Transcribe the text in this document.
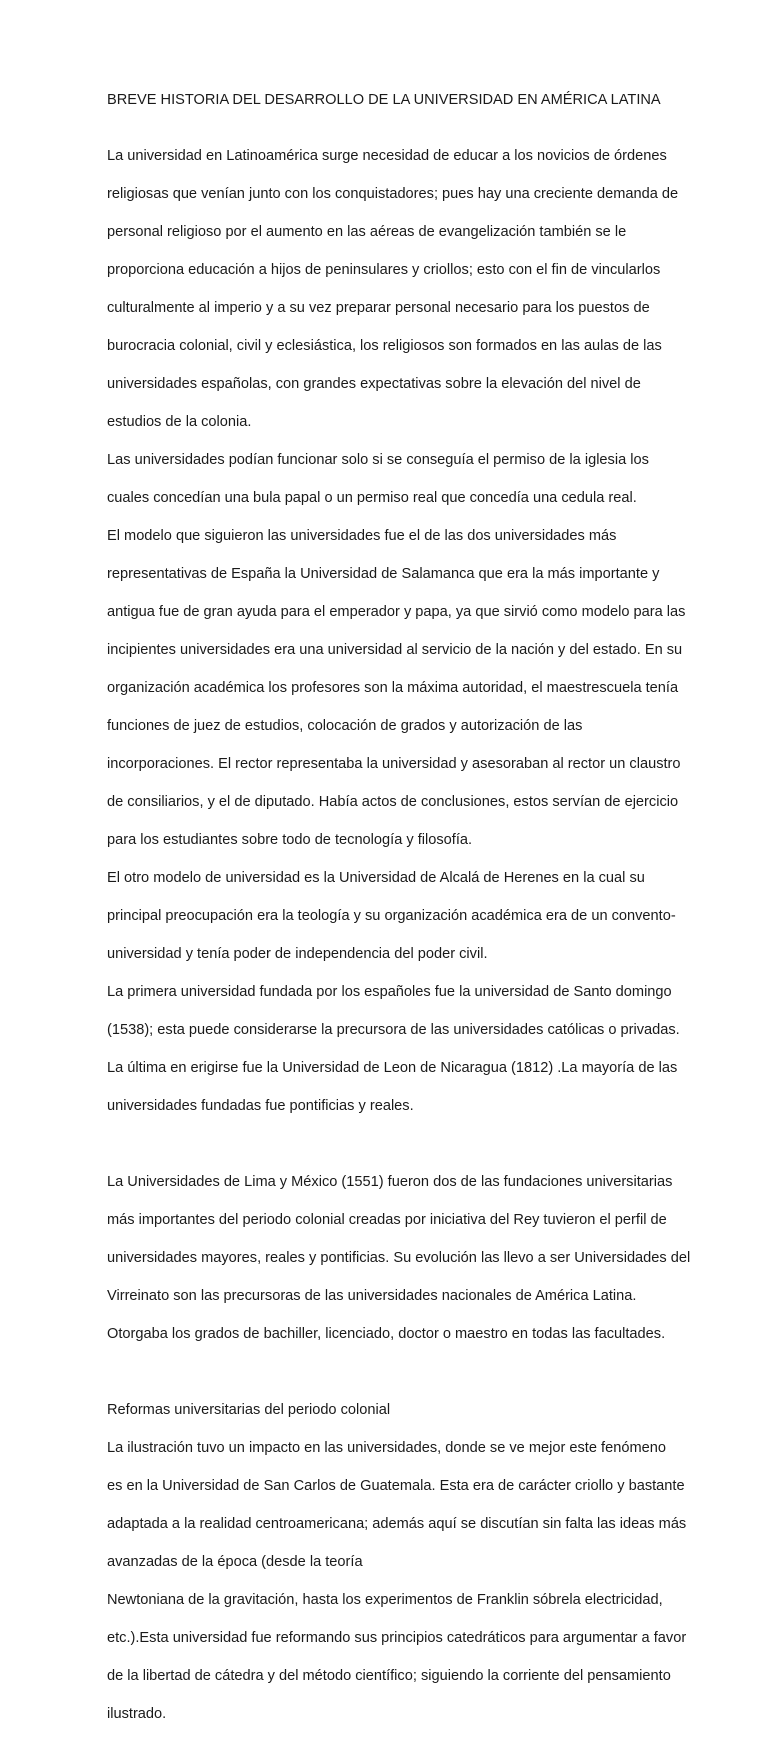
BREVE HISTORIA DEL DESARROLLO DE LA UNIVERSIDAD EN AMÉRICA LATINA

La universidad en Latinoamérica surge necesidad de educar a los novicios de órdenes

religiosas que venían junto con los conquistadores; pues hay una creciente demanda de

personal religioso por el aumento en las aéreas de evangelización también se le

proporciona educación a hijos de peninsulares y criollos; esto con el fin de vincularlos

culturalmente al imperio y a su vez preparar personal necesario para los puestos de

burocracia colonial, civil y eclesiástica, los religiosos son formados en las aulas de las

universidades españolas, con grandes expectativas sobre la elevación del nivel de

estudios de la colonia.

Las universidades podían funcionar solo si se conseguía el permiso de la iglesia los

cuales concedían una bula papal o un permiso real que concedía una cedula real.

El modelo que siguieron las universidades fue el de las dos universidades más

representativas de España la Universidad de Salamanca que era la más importante y

antigua fue de gran ayuda para el emperador y papa, ya que sirvió como modelo para las

incipientes universidades era una universidad al servicio de la nación y del estado. En su

organización académica los profesores son la máxima autoridad, el maestrescuela tenía

funciones de juez de estudios, colocación de grados y autorización de las

incorporaciones. El rector representaba la universidad y asesoraban al rector un claustro

de consiliarios, y el de diputado. Había actos de conclusiones, estos servían de ejercicio

para los estudiantes sobre todo de tecnología y filosofía.

El otro modelo de universidad es la Universidad de Alcalá de Herenes en la cual su

principal preocupación era la teología y su organización académica era de un convento-

universidad y tenía poder de independencia del poder civil.

La primera universidad fundada por los españoles fue la universidad de Santo domingo

(1538); esta puede considerarse la precursora de las universidades católicas o privadas.

La última en erigirse fue la Universidad de Leon de Nicaragua (1812) .La mayoría de las

universidades fundadas fue pontificias y reales.

La Universidades de Lima y México (1551) fueron dos de las fundaciones universitarias

más importantes del periodo colonial creadas por iniciativa del Rey tuvieron el perfil de

universidades mayores, reales y pontificias. Su evolución las llevo a ser Universidades del

Virreinato son las precursoras de las universidades nacionales de América Latina.

Otorgaba los grados de bachiller, licenciado, doctor o maestro en todas las facultades.

Reformas universitarias del periodo colonial

La ilustración tuvo un impacto en las universidades, donde se ve mejor este fenómeno

es en la Universidad de San Carlos de Guatemala. Esta era de carácter criollo y bastante

adaptada a la realidad centroamericana; además aquí se discutían sin falta las ideas más

avanzadas de la época (desde la teoría

Newtoniana de la gravitación, hasta los experimentos de Franklin sóbrela electricidad,

etc.).Esta universidad fue reformando sus principios catedráticos para argumentar a favor

de la libertad de cátedra y del método científico; siguiendo la corriente del pensamiento

ilustrado.
